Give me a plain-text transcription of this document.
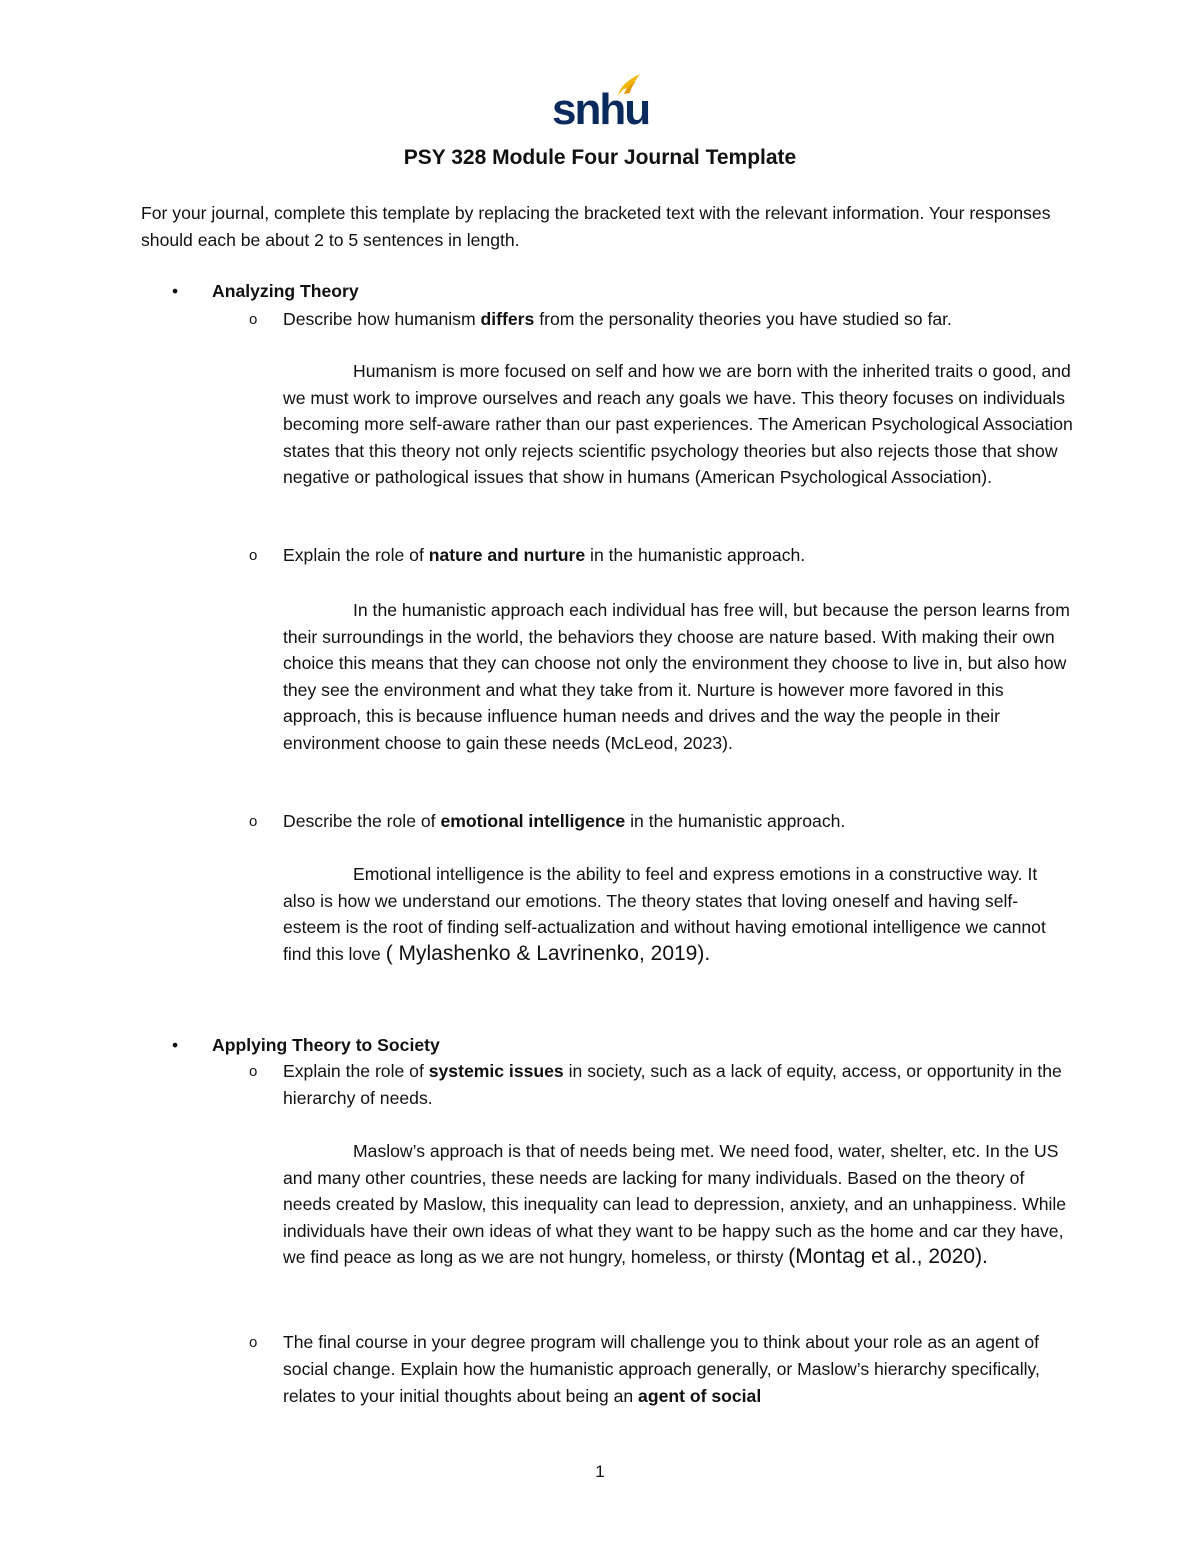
snhu
PSY 328 Module Four Journal Template

For your journal, complete this template by replacing the bracketed text with the relevant information. Your responses should each be about 2 to 5 sentences in length.

•	Analyzing Theory
o Describe how humanism differs from the personality theories you have studied so far.

Humanism is more focused on self and how we are born with the inherited traits o good, and we must work to improve ourselves and reach any goals we have. This theory focuses on individuals becoming more self-aware rather than our past experiences. The American Psychological Association states that this theory not only rejects scientific psychology theories but also rejects those that show negative or pathological issues that show in humans (American Psychological Association).

o Explain the role of nature and nurture in the humanistic approach.

In the humanistic approach each individual has free will, but because the person learns from their surroundings in the world, the behaviors they choose are nature based. With making their own choice this means that they can choose not only the environment they choose to live in, but also how they see the environment and what they take from it. Nurture is however more favored in this approach, this is because influence human needs and drives and the way the people in their environment choose to gain these needs (McLeod, 2023).

o Describe the role of emotional intelligence in the humanistic approach.

Emotional intelligence is the ability to feel and express emotions in a constructive way. It also is how we understand our emotions. The theory states that loving oneself and having self-esteem is the root of finding self-actualization and without having emotional intelligence we cannot find this love ( Mylashenko & Lavrinenko, 2019).

•	Applying Theory to Society
o Explain the role of systemic issues in society, such as a lack of equity, access, or opportunity in the hierarchy of needs.

Maslow’s approach is that of needs being met. We need food, water, shelter, etc. In the US and many other countries, these needs are lacking for many individuals. Based on the theory of needs created by Maslow, this inequality can lead to depression, anxiety, and an unhappiness. While individuals have their own ideas of what they want to be happy such as the home and car they have, we find peace as long as we are not hungry, homeless, or thirsty (Montag et al., 2020).

o The final course in your degree program will challenge you to think about your role as an agent of social change. Explain how the humanistic approach generally, or Maslow’s hierarchy specifically, relates to your initial thoughts about being an agent of social
1
